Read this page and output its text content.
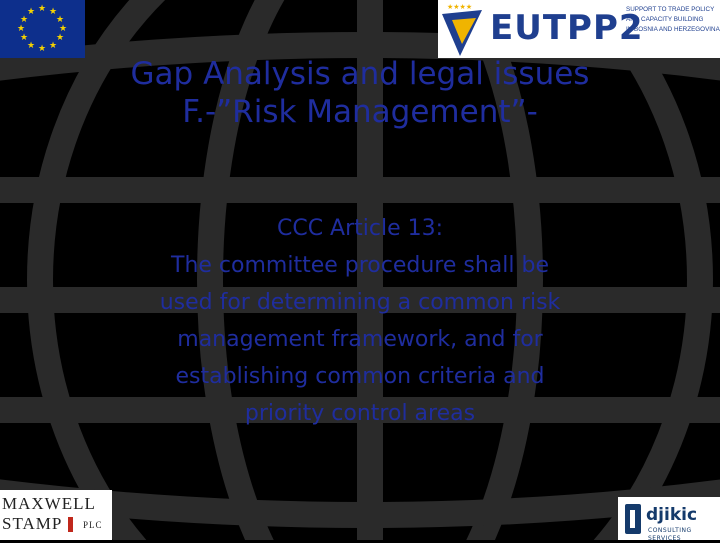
★ ★
★
★
★
★
★
★
★
★
★
★	★★★★
EUTPP2
SUPPORT TO TRADE POLICY
AND CAPACITY BUILDING
IN BOSNIA AND HERZEGOVINA
Gap Analysis and legal issues
F.-”Risk Management”-
CCC Article 13:
The committee procedure shall be
used for determining a common risk
management framework, and for
establishing common criteria and
priority control areas
MAXWELL
STAMP PLC	djikic
CONSULTING SERVICES
